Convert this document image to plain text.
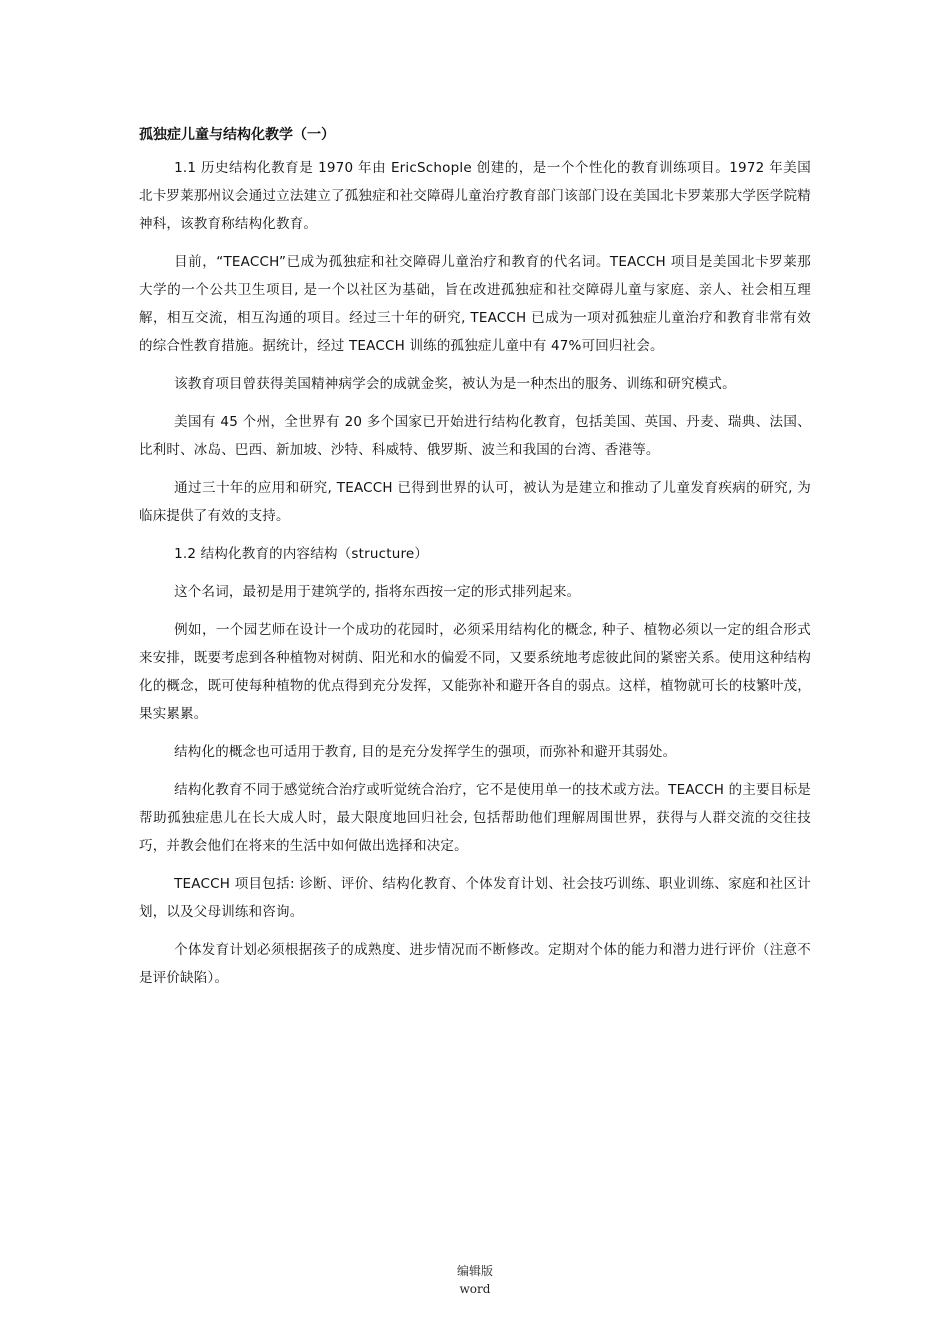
孤独症儿童与结构化教学（一）

1.1 历史结构化教育是 1970 年由 EricSchople 创建的，是一个个性化的教育训练项目。1972 年美国北卡罗莱那州议会通过立法建立了孤独症和社交障碍儿童治疗教育部门该部门设在美国北卡罗莱那大学医学院精神科，该教育称结构化教育。

目前，“TEACCH”已成为孤独症和社交障碍儿童治疗和教育的代名词。TEACCH 项目是美国北卡罗莱那大学的一个公共卫生项目, 是一个以社区为基础，旨在改进孤独症和社交障碍儿童与家庭、亲人、社会相互理解，相互交流，相互沟通的项目。经过三十年的研究, TEACCH 已成为一项对孤独症儿童治疗和教育非常有效的综合性教育措施。据统计，经过 TEACCH 训练的孤独症儿童中有 47%可回归社会。

该教育项目曾获得美国精神病学会的成就金奖，被认为是一种杰出的服务、训练和研究模式。

美国有 45 个州，全世界有 20 多个国家已开始进行结构化教育，包括美国、英国、丹麦、瑞典、法国、比利时、冰岛、巴西、新加坡、沙特、科威特、俄罗斯、波兰和我国的台湾、香港等。

通过三十年的应用和研究, TEACCH 已得到世界的认可，被认为是建立和推动了儿童发育疾病的研究, 为临床提供了有效的支持。

1.2 结构化教育的内容结构（structure）

这个名词，最初是用于建筑学的, 指将东西按一定的形式排列起来。

例如，一个园艺师在设计一个成功的花园时，必须采用结构化的概念, 种子、植物必须以一定的组合形式来安排，既要考虑到各种植物对树荫、阳光和水的偏爱不同，又要系统地考虑彼此间的紧密关系。使用这种结构化的概念，既可使每种植物的优点得到充分发挥，又能弥补和避开各自的弱点。这样，植物就可长的枝繁叶茂，果实累累。

结构化的概念也可适用于教育, 目的是充分发挥学生的强项，而弥补和避开其弱处。

结构化教育不同于感觉统合治疗或听觉统合治疗，它不是使用单一的技术或方法。TEACCH 的主要目标是帮助孤独症患儿在长大成人时，最大限度地回归社会, 包括帮助他们理解周围世界，获得与人群交流的交往技巧，并教会他们在将来的生活中如何做出选择和决定。

TEACCH 项目包括: 诊断、评价、结构化教育、个体发育计划、社会技巧训练、职业训练、家庭和社区计划，以及父母训练和咨询。

个体发育计划必须根据孩子的成熟度、进步情况而不断修改。定期对个体的能力和潜力进行评价（注意不是评价缺陷）。

编辑版
word
